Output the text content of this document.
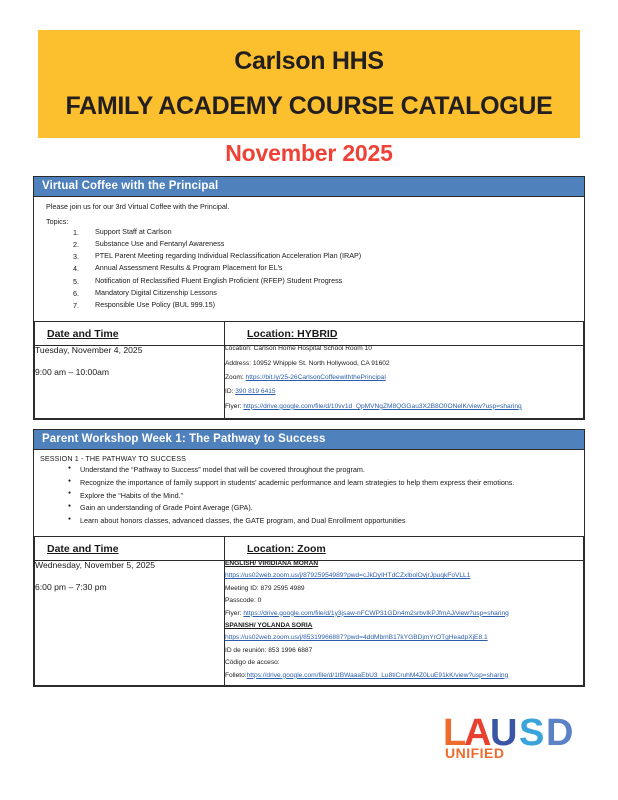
Carlson HHS
FAMILY ACADEMY COURSE CATALOGUE
November 2025
Virtual Coffee with the Principal

Please join us for our 3rd Virtual Coffee with the Principal.

Topics:

1. Support Staff at Carlson
2. Substance Use and Fentanyl Awareness
3. PTEL Parent Meeting regarding Individual Reclassification Acceleration Plan (IRAP)
4. Annual Assessment Results & Program Placement for EL's
5. Notification of Reclassified Fluent English Proficient (RFEP) Student Progress
6. Mandatory Digital Citizenship Lessons
7. Responsible Use Policy (BUL 999.15)
Date and Time	Location: HYBRID

Tuesday, November 4, 2025
9:00 am – 10:00am

Location: Carlson Home Hospital School Room 10
Address: 10952 Whipple St. North Hollywood, CA 91602
Zoom: https://bit.ly/25-26CarlsonCoffeewiththePrincipal
ID: 390 819 6415
Flyer: https://drive.google.com/file/d/10vv1d_QpMVNgZM8QGGau3X2B8O0ONelK/view?usp=sharing
Parent Workshop Week 1: The Pathway to Success

SESSION 1 - THE PATHWAY TO SUCCESS

● Understand the “Pathway to Success” model that will be covered throughout the program.
● Recognize the importance of family support in students’ academic performance and learn strategies to help them express their emotions.
● Explore the “Habits of the Mind.”
● Gain an understanding of Grade Point Average (GPA).
● Learn about honors classes, advanced classes, the GATE program, and Dual Enrollment opportunities
Date and Time	Location: Zoom

Wednesday, November 5, 2025
6:00 pm – 7:30 pm

ENGLISH/ VIRIDIANA MORAN
https://us02web.zoom.us/j/87925954989?pwd=cJkDyIHTdCZxlbolOvjrJpuqkFoVLL1
Meeting ID: 879 2595 4989
Passcode: 0
Flyer: https://drive.google.com/file/d/1y3jsaw-nFCWP31GDn4m2srbvIkPJfmAJ/view?usp=sharing
SPANISH/ YOLANDA SORIA
https://us02web.zoom.us/j/85319966887?pwd=4ddMbmB17kYGBDjmYrOTgHeadpXjE8.1
ID de reunión: 853 1996 6887
Código de acceso:
Folleto:https://drive.google.com/file/d/1tBWaaaEbU3_Lu8tiCruhM4Z0LuE91kK/view?usp=sharing
L
A
U S D
UNIFIED
